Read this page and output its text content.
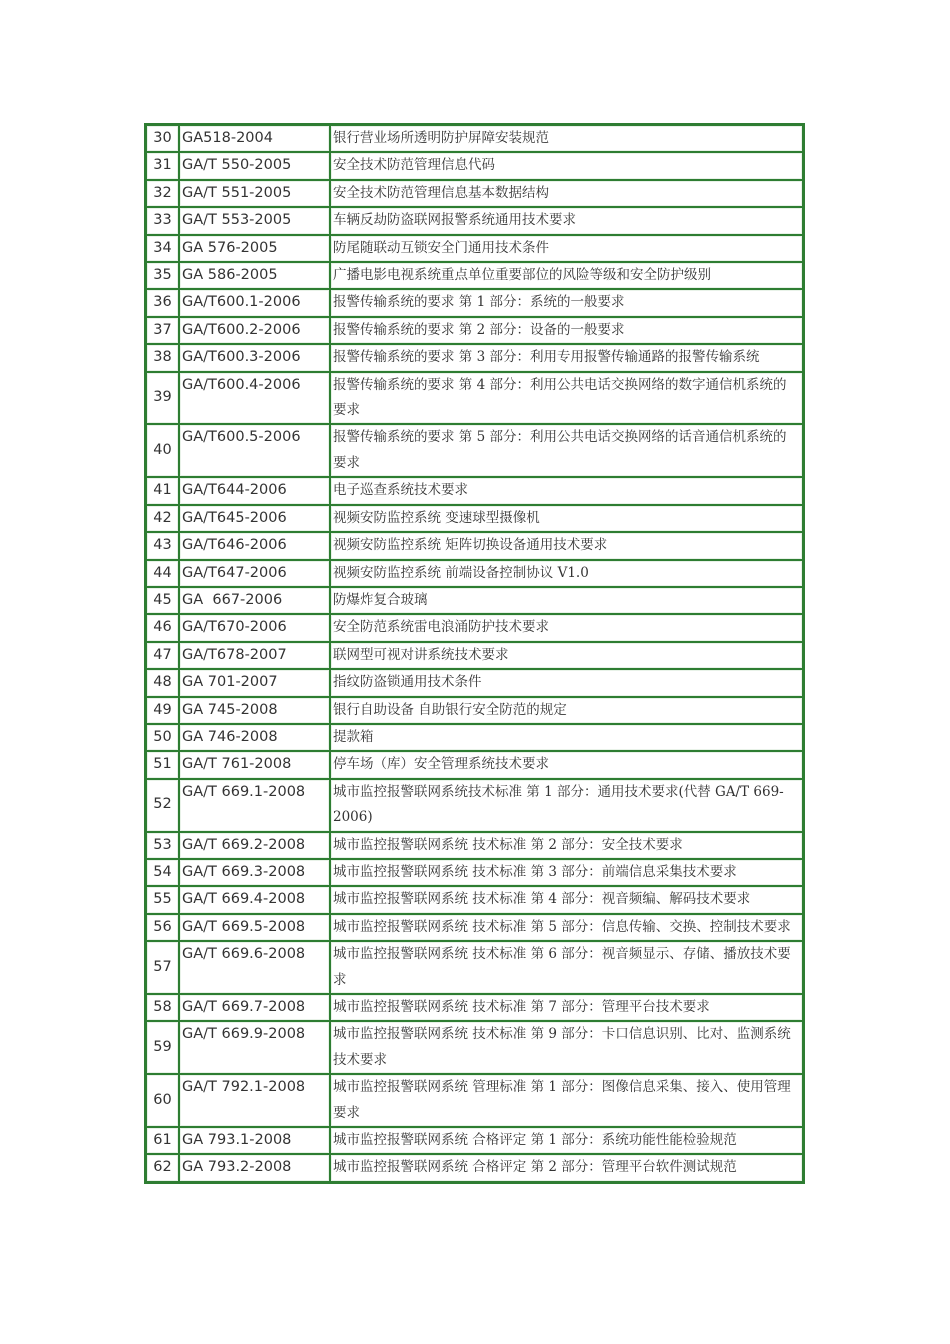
30	GA518-2004	银行营业场所透明防护屏障安装规范
31	GA/T 550-2005	安全技术防范管理信息代码
32	GA/T 551-2005	安全技术防范管理信息基本数据结构
33	GA/T 553-2005	车辆反劫防盗联网报警系统通用技术要求
34	GA 576-2005	防尾随联动互锁安全门通用技术条件
35	GA 586-2005	广播电影电视系统重点单位重要部位的风险等级和安全防护级别
36	GA/T600.1-2006	报警传输系统的要求 第 1 部分：系统的一般要求
37	GA/T600.2-2006	报警传输系统的要求 第 2 部分：设备的一般要求
38	GA/T600.3-2006	报警传输系统的要求 第 3 部分：利用专用报警传输通路的报警传输系统
39	GA/T600.4-2006	报警传输系统的要求 第 4 部分：利用公共电话交换网络的数字通信机系统的要求
40	GA/T600.5-2006	报警传输系统的要求 第 5 部分：利用公共电话交换网络的话音通信机系统的要求
41	GA/T644-2006	电子巡查系统技术要求
42	GA/T645-2006	视频安防监控系统 变速球型摄像机
43	GA/T646-2006	视频安防监控系统 矩阵切换设备通用技术要求
44	GA/T647-2006	视频安防监控系统 前端设备控制协议 V1.0
45	GA  667-2006	防爆炸复合玻璃
46	GA/T670-2006	安全防范系统雷电浪涌防护技术要求
47	GA/T678-2007	联网型可视对讲系统技术要求
48	GA 701-2007	指纹防盗锁通用技术条件
49	GA 745-2008	银行自助设备 自助银行安全防范的规定
50	GA 746-2008	提款箱
51	GA/T 761-2008	停车场（库）安全管理系统技术要求
52	GA/T 669.1-2008	城市监控报警联网系统技术标准 第 1 部分：通用技术要求(代替 GA/T 669-2006)
53	GA/T 669.2-2008	城市监控报警联网系统 技术标准 第 2 部分：安全技术要求
54	GA/T 669.3-2008	城市监控报警联网系统 技术标准 第 3 部分：前端信息采集技术要求
55	GA/T 669.4-2008	城市监控报警联网系统 技术标准 第 4 部分：视音频编、解码技术要求
56	GA/T 669.5-2008	城市监控报警联网系统 技术标准 第 5 部分：信息传输、交换、控制技术要求
57	GA/T 669.6-2008	城市监控报警联网系统 技术标准 第 6 部分：视音频显示、存储、播放技术要求
58	GA/T 669.7-2008	城市监控报警联网系统 技术标准 第 7 部分：管理平台技术要求
59	GA/T 669.9-2008	城市监控报警联网系统 技术标准 第 9 部分：卡口信息识别、比对、监测系统技术要求
60	GA/T 792.1-2008	城市监控报警联网系统 管理标准 第 1 部分：图像信息采集、接入、使用管理要求
61	GA 793.1-2008	城市监控报警联网系统 合格评定 第 1 部分：系统功能性能检验规范
62	GA 793.2-2008	城市监控报警联网系统 合格评定 第 2 部分：管理平台软件测试规范
